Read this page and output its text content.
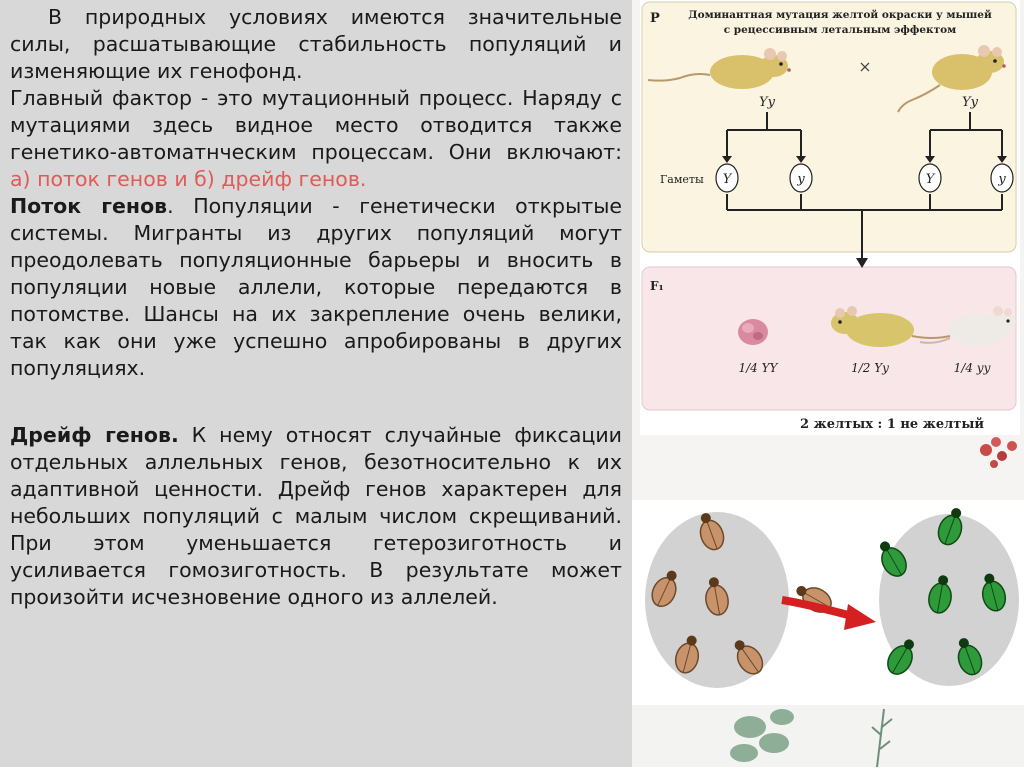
В природных условиях имеются значительные силы, расшатывающие стабильность популяций и изменяющие их генофонд.

Главный фактор - это мутационный процесс. Наряду с мутациями здесь видное место отводится также генетико-автоматнческим процессам. Они включают: а) поток генов и б) дрейф генов.

Поток генов. Популяции - генетически открытые системы. Мигранты из других популяций могут преодолевать популяционные барьеры и вносить в популяции новые аллели, которые передаются в потомстве. Шансы на их закрепление очень велики, так как они уже успешно апробированы в других популяциях.

Дрейф генов. К нему относят случайные фиксации отдельных аллельных генов, безотносительно к их адаптивной ценности. Дрейф генов характерен для небольших популяций с малым числом скрещиваний. При этом уменьшается гетерозиготность и усиливается гомозиготность. В результате может произойти исчезновение одного из аллелей.

P	Доминантная мутация желтой окраски у мышей
с рецессивным летальным эффектом
Yy
×
Yy
Гаметы Y	y	Y	y
F₁
1/4 YY	1/2 Yy	1/4 yy
2 желтых : 1 не желтый
